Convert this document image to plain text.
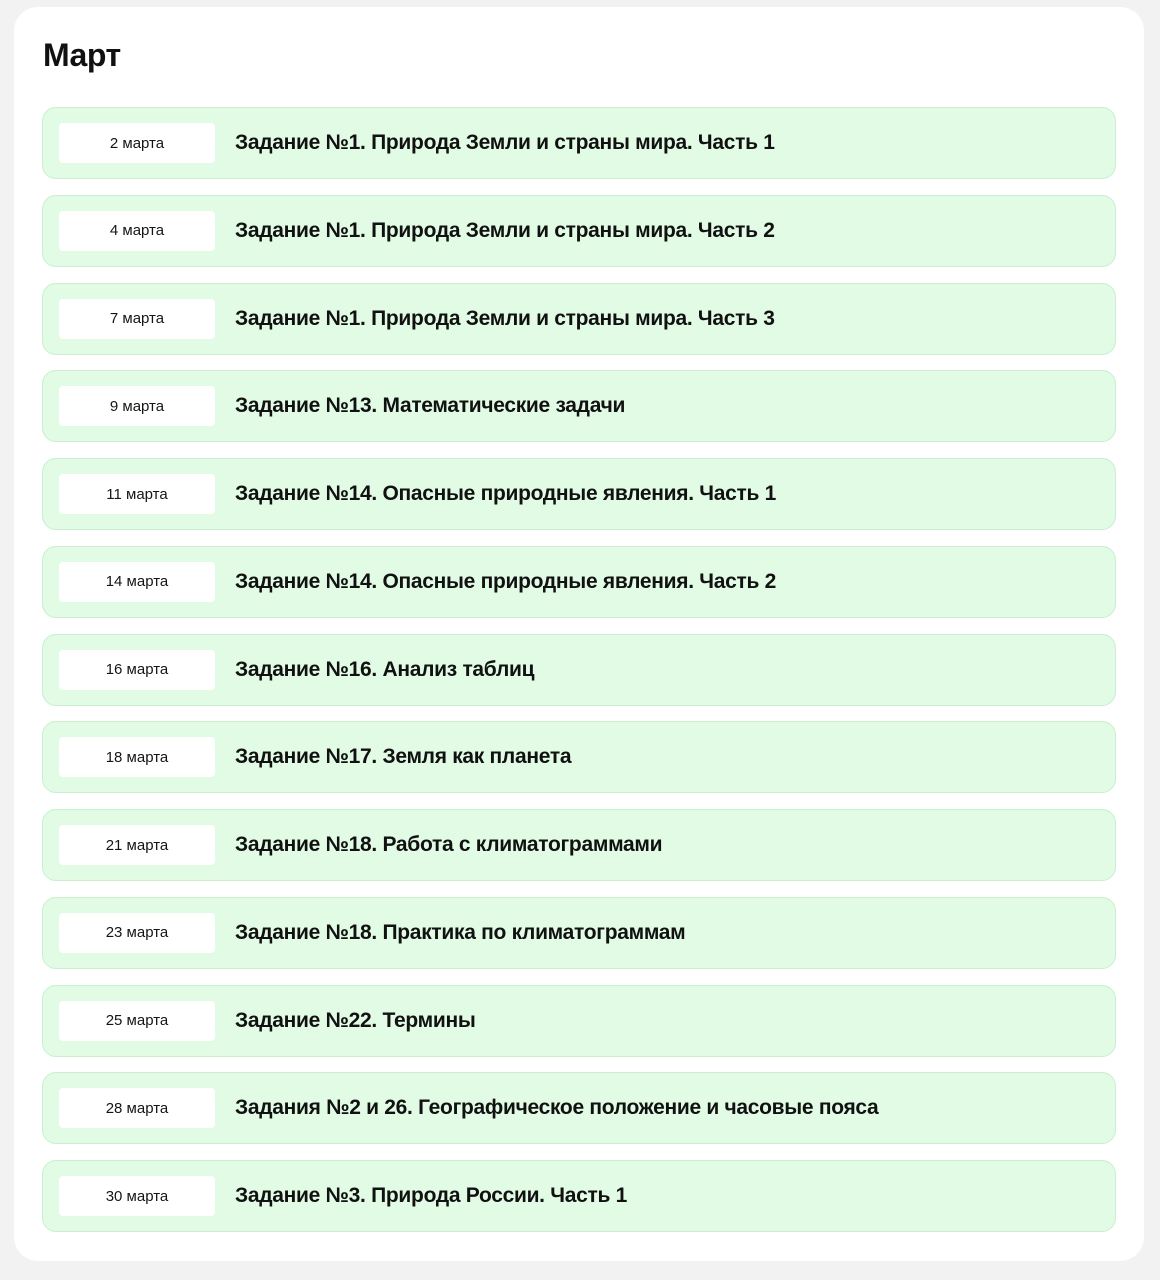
Март
2 марта	Задание №1. Природа Земли и страны мира. Часть 1
4 марта	Задание №1. Природа Земли и страны мира. Часть 2
7 марта	Задание №1. Природа Земли и страны мира. Часть 3
9 марта	Задание №13. Математические задачи
11 марта	Задание №14. Опасные природные явления. Часть 1
14 марта	Задание №14. Опасные природные явления. Часть 2
16 марта	Задание №16. Анализ таблиц
18 марта	Задание №17. Земля как планета
21 марта	Задание №18. Работа с климатограммами
23 марта	Задание №18. Практика по климатограммам
25 марта	Задание №22. Термины
28 марта	Задания №2 и 26. Географическое положение и часовые пояса
30 марта	Задание №3. Природа России. Часть 1
